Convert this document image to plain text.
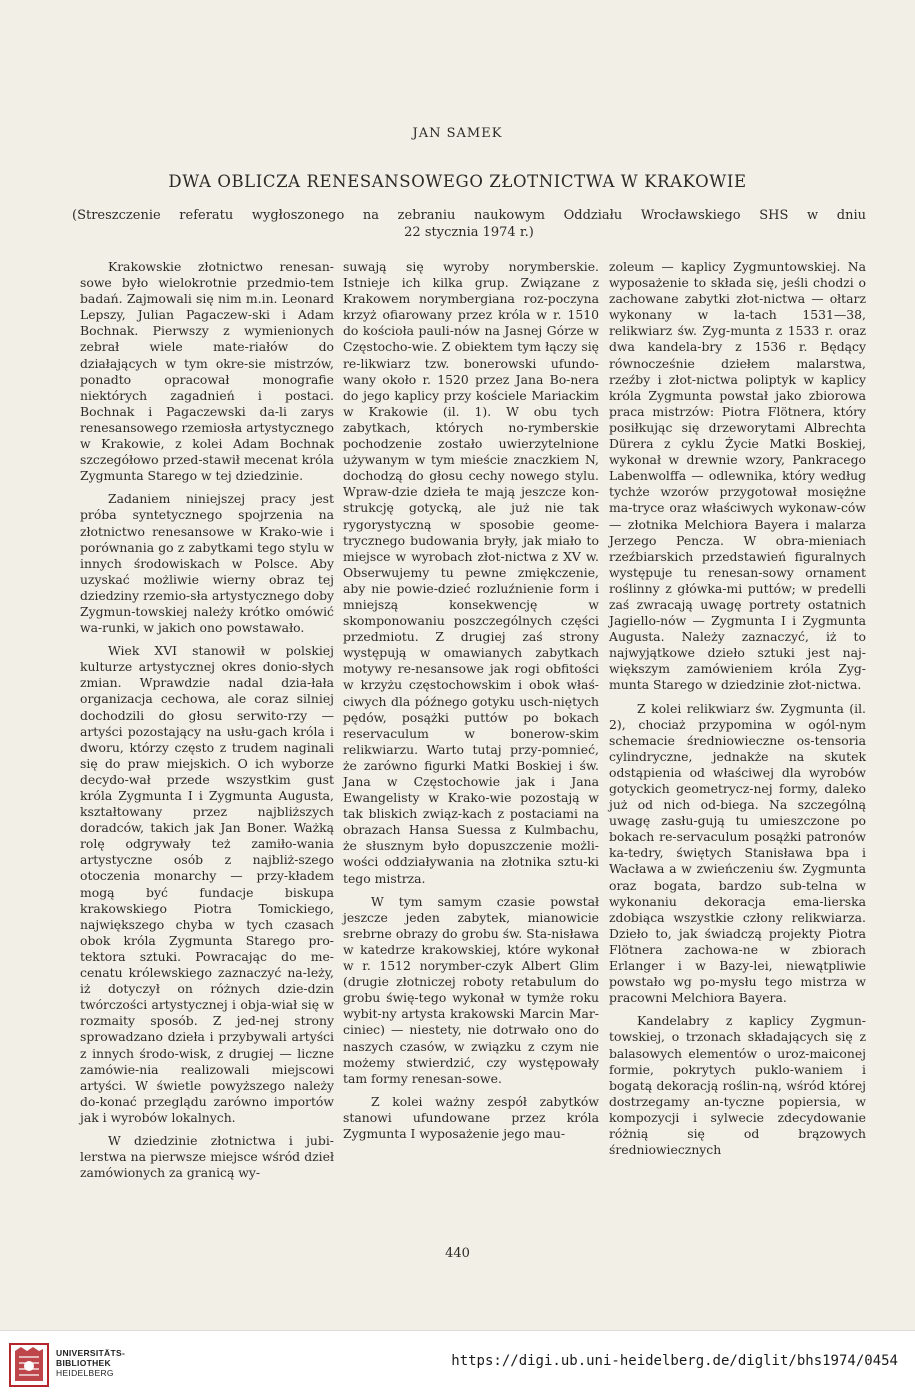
JAN SAMEK
DWA OBLICZA RENESANSOWEGO ZŁOTNICTWA W KRAKOWIE
(Streszczenie referatu wygłoszonego na zebraniu naukowym Oddziału Wrocławskiego SHS w dniu
22 stycznia 1974 r.)

Krakowskie złotnictwo renesan-sowe było wielokrotnie przedmio-tem badań. Zajmowali się nim m.in. Leonard Lepszy, Julian Pagaczew-ski i Adam Bochnak. Pierwszy z wymienionych zebrał wiele mate-riałów do działających w tym okre-sie mistrzów, ponadto opracował monografie niektórych zagadnień i postaci. Bochnak i Pagaczewski da-li zarys renesansowego rzemiosła artystycznego w Krakowie, z kolei Adam Bochnak szczegółowo przed-stawił mecenat króla Zygmunta Starego w tej dziedzinie.

Zadaniem niniejszej pracy jest próba syntetycznego spojrzenia na złotnictwo renesansowe w Krako-wie i porównania go z zabytkami tego stylu w innych środowiskach w Polsce. Aby uzyskać możliwie wierny obraz tej dziedziny rzemio-sła artystycznego doby Zygmun-towskiej należy krótko omówić wa-runki, w jakich ono powstawało.

Wiek XVI stanowił w polskiej kulturze artystycznej okres donio-słych zmian. Wprawdzie nadal dzia-łała organizacja cechowa, ale coraz silniej dochodzili do głosu serwito-rzy — artyści pozostający na usłu-gach króla i dworu, którzy często z trudem naginali się do praw miejskich. O ich wyborze decydo-wał przede wszystkim gust króla Zygmunta I i Zygmunta Augusta, kształtowany przez najbliższych doradców, takich jak Jan Boner. Ważką rolę odgrywały też zamiło-wania artystyczne osób z najbliż-szego otoczenia monarchy — przy-kładem mogą być fundacje biskupa krakowskiego Piotra Tomickiego, największego chyba w tych czasach obok króla Zygmunta Starego pro-tektora sztuki. Powracając do me-cenatu królewskiego zaznaczyć na-leży, iż dotyczył on różnych dzie-dzin twórczości artystycznej i obja-wiał się w rozmaity sposób. Z jed-nej strony sprowadzano dzieła i przybywali artyści z innych środo-wisk, z drugiej — liczne zamówie-nia realizowali miejscowi artyści. W świetle powyższego należy do-konać przeglądu zarówno importów jak i wyrobów lokalnych.

W dziedzinie złotnictwa i jubi-lerstwa na pierwsze miejsce wśród dzieł zamówionych za granicą wy-

suwają się wyroby norymberskie. Istnieje ich kilka grup. Związane z Krakowem norymbergiana roz-poczyna krzyż ofiarowany przez króla w r. 1510 do kościoła pauli-nów na Jasnej Górze w Częstocho-wie. Z obiektem tym łączy się re-likwiarz tzw. bonerowski ufundo-wany około r. 1520 przez Jana Bo-nera do jego kaplicy przy kościele Mariackim w Krakowie (il. 1). W obu tych zabytkach, których no-rymberskie pochodzenie zostało uwierzytelnione używanym w tym mieście znaczkiem N, dochodzą do głosu cechy nowego stylu. Wpraw-dzie dzieła te mają jeszcze kon-strukcję gotycką, ale już nie tak rygorystyczną w sposobie geome-trycznego budowania bryły, jak miało to miejsce w wyrobach złot-nictwa z XV w. Obserwujemy tu pewne zmiękczenie, aby nie powie-dzieć rozluźnienie form i mniejszą konsekwencję w skomponowaniu poszczególnych części przedmiotu. Z drugiej zaś strony występują w omawianych zabytkach motywy re-nesansowe jak rogi obfitości w krzyżu częstochowskim i obok właś-ciwych dla późnego gotyku usch-niętych pędów, posążki puttów po bokach reservaculum w bonerow-skim relikwiarzu. Warto tutaj przy-pomnieć, że zarówno figurki Matki Boskiej i św. Jana w Częstochowie jak i Jana Ewangelisty w Krako-wie pozostają w tak bliskich związ-kach z postaciami na obrazach Hansa Suessa z Kulmbachu, że słusznym było dopuszczenie możli-wości oddziaływania na złotnika sztu-ki tego mistrza.

W tym samym czasie powstał jeszcze jeden zabytek, mianowicie srebrne obrazy do grobu św. Sta-nisława w katedrze krakowskiej, które wykonał w r. 1512 norymber-czyk Albert Glim (drugie złotniczej roboty retabulum do grobu świę-tego wykonał w tymże roku wybit-ny artysta krakowski Marcin Mar-ciniec) — niestety, nie dotrwało ono do naszych czasów, w związku z czym nie możemy stwierdzić, czy występowały tam formy renesan-sowe.

Z kolei ważny zespół zabytków stanowi ufundowane przez króla Zygmunta I wyposażenie jego mau-

zoleum — kaplicy Zygmuntowskiej. Na wyposażenie to składa się, jeśli chodzi o zachowane zabytki złot-nictwa — ołtarz wykonany w la-tach 1531—38, relikwiarz św. Zyg-munta z 1533 r. oraz dwa kandela-bry z 1536 r. Będący równocześnie dziełem malarstwa, rzeźby i złot-nictwa poliptyk w kaplicy króla Zygmunta powstał jako zbiorowa praca mistrzów: Piotra Flötnera, który posiłkując się drzeworytami Albrechta Dürera z cyklu Życie Matki Boskiej, wykonał w drewnie wzory, Pankracego Labenwolffa — odlewnika, który według tychże wzorów przygotował mosiężne ma-tryce oraz właściwych wykonaw-ców — złotnika Melchiora Bayera i malarza Jerzego Pencza. W obra-mieniach rzeźbiarskich przedstawień figuralnych występuje tu renesan-sowy ornament roślinny z główka-mi puttów; w predelli zaś zwracają uwagę portrety ostatnich Jagiello-nów — Zygmunta I i Zygmunta Augusta. Należy zaznaczyć, iż to najwyjątkowe dzieło sztuki jest naj-większym zamówieniem króla Zyg-munta Starego w dziedzinie złot-nictwa.

Z kolei relikwiarz św. Zygmunta (il. 2), chociaż przypomina w ogól-nym schemacie średniowieczne os-tensoria cylindryczne, jednakże na skutek odstąpienia od właściwej dla wyrobów gotyckich geometrycz-nej formy, daleko już od nich od-biega. Na szczególną uwagę zasłu-gują tu umieszczone po bokach re-servaculum posążki patronów ka-tedry, świętych Stanisława bpa i Wacława a w zwieńczeniu św. Zygmunta oraz bogata, bardzo sub-telna w wykonaniu dekoracja ema-lierska zdobiąca wszystkie człony relikwiarza. Dzieło to, jak świadczą projekty Piotra Flötnera zachowa-ne w zbiorach Erlanger i w Bazy-lei, niewątpliwie powstało wg po-mysłu tego mistrza w pracowni Melchiora Bayera.

Kandelabry z kaplicy Zygmun-towskiej, o trzonach składających się z balasowych elementów o uroz-maiconej formie, pokrytych puklo-waniem i bogatą dekoracją roślin-ną, wśród której dostrzegamy an-tyczne popiersia, w kompozycji i sylwecie zdecydowanie różnią się od brązowych średniowiecznych

440
UNIVERSITÄTS-
BIBLIOTHEK
HEIDELBERG
https://digi.ub.uni-heidelberg.de/diglit/bhs1974/0454
